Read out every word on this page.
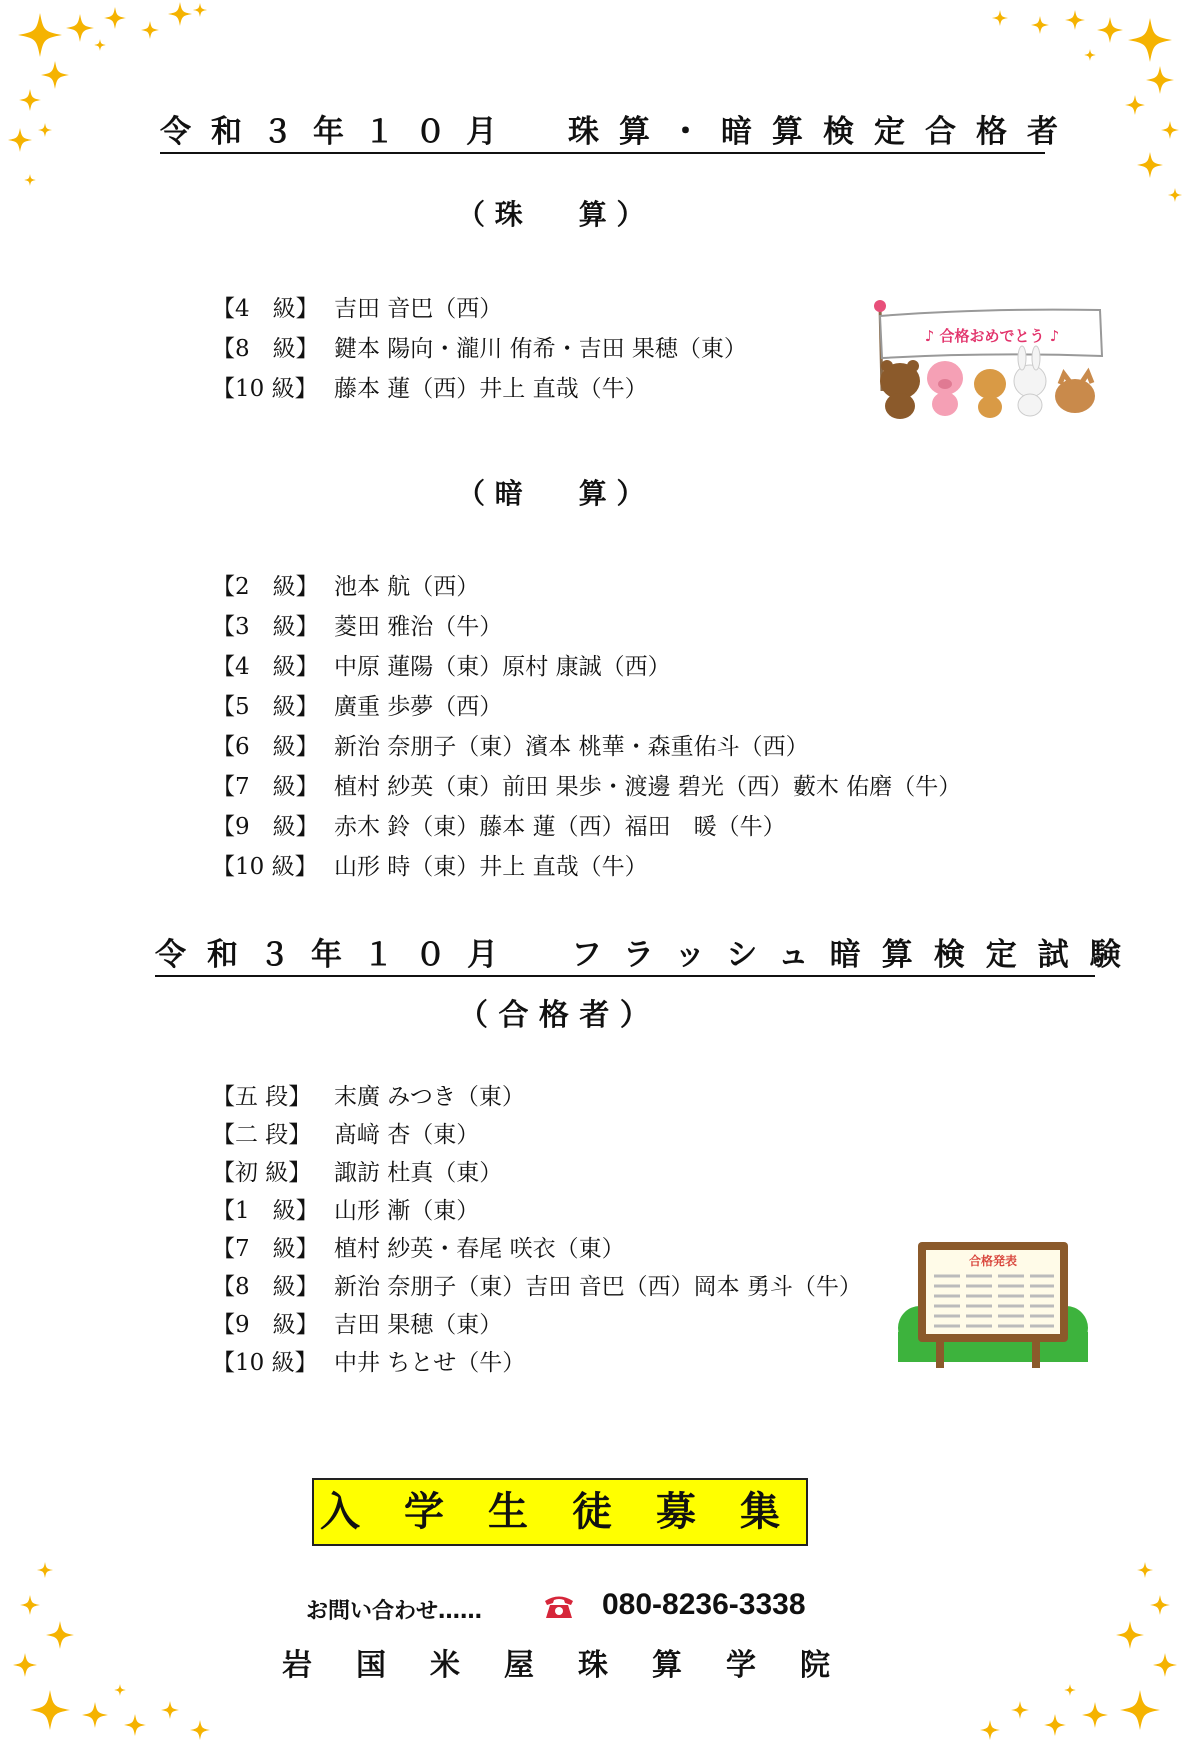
令和３年１０月　珠算・暗算検定合格者
（ 珠　　算 ）
【4　級】 吉田 音巴（西）
【8　級】 鍵本 陽向・瀧川 侑希・吉田 果穂（東）
【10 級】 藤本 蓮（西）井上 直哉（牛）
♪ 合格おめでとう ♪
（ 暗　　算 ）
【2　級】 池本 航（西）
【3　級】 菱田 雅治（牛）
【4　級】 中原 蓮陽（東）原村 康誠（西）
【5　級】 廣重 歩夢（西）
【6　級】 新治 奈朋子（東）濱本 桃華・森重佑斗（西）
【7　級】 植村 紗英（東）前田 果歩・渡邊 碧光（西）藪木 佑磨（牛）
【9　級】 赤木 鈴（東）藤本 蓮（西）福田　暖（牛）
【10 級】 山形 時（東）井上 直哉（牛）
令和３年１０月　フラッシュ暗算検定試験
（ 合 格 者 ）
【五 段】 末廣 みつき（東）
【二 段】 髙﨑 杏（東）
【初 級】 諏訪 杜真（東）
【1　級】 山形 漸（東）
【7　級】 植村 紗英・春尾 咲衣（東）
【8　級】 新治 奈朋子（東）吉田 音巴（西）岡本 勇斗（牛）
【9　級】 吉田 果穂（東）
【10 級】 中井 ちとせ（牛）
合格発表
入学生徒募集
お問い合わせ……	080-8236-3338
岩国米屋珠算学院
